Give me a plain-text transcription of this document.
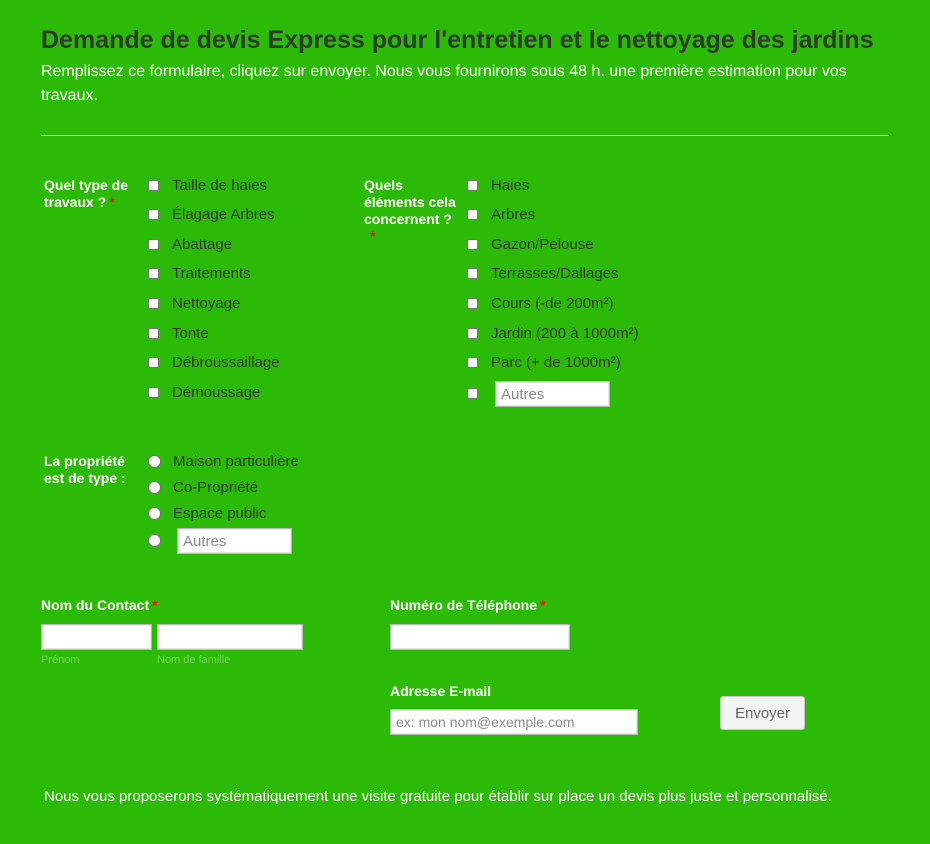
Demande de devis Express pour l'entretien et le nettoyage des jardins

Remplissez ce formulaire, cliquez sur envoyer. Nous vous fournirons sous 48 h. une première estimation pour vos travaux.

Quel type de travaux ? *
Taille de haies
Élagage Arbres
Abattage
Traitements
Nettoyage
Tonte
Débroussaillage
Démoussage
Quels éléments cela concernent ?
*
Haies
Arbres
Gazon/Pelouse
Terrasses/Dallages
Cours (-de 200m²)
Jardin (200 à 1000m²)
Parc (+ de 1000m²)
Autres
La propriété est de type :
Maison particulière
Co-Propriété
Espace public
Autres
Nom du Contact *
Prénom	Nom de famille
Numéro de Téléphone *
Adresse E-mail
ex: mon nom@exemple.com
Envoyer
Nous vous proposerons systématiquement une visite gratuite pour établir sur place un devis plus juste et personnalisé.
